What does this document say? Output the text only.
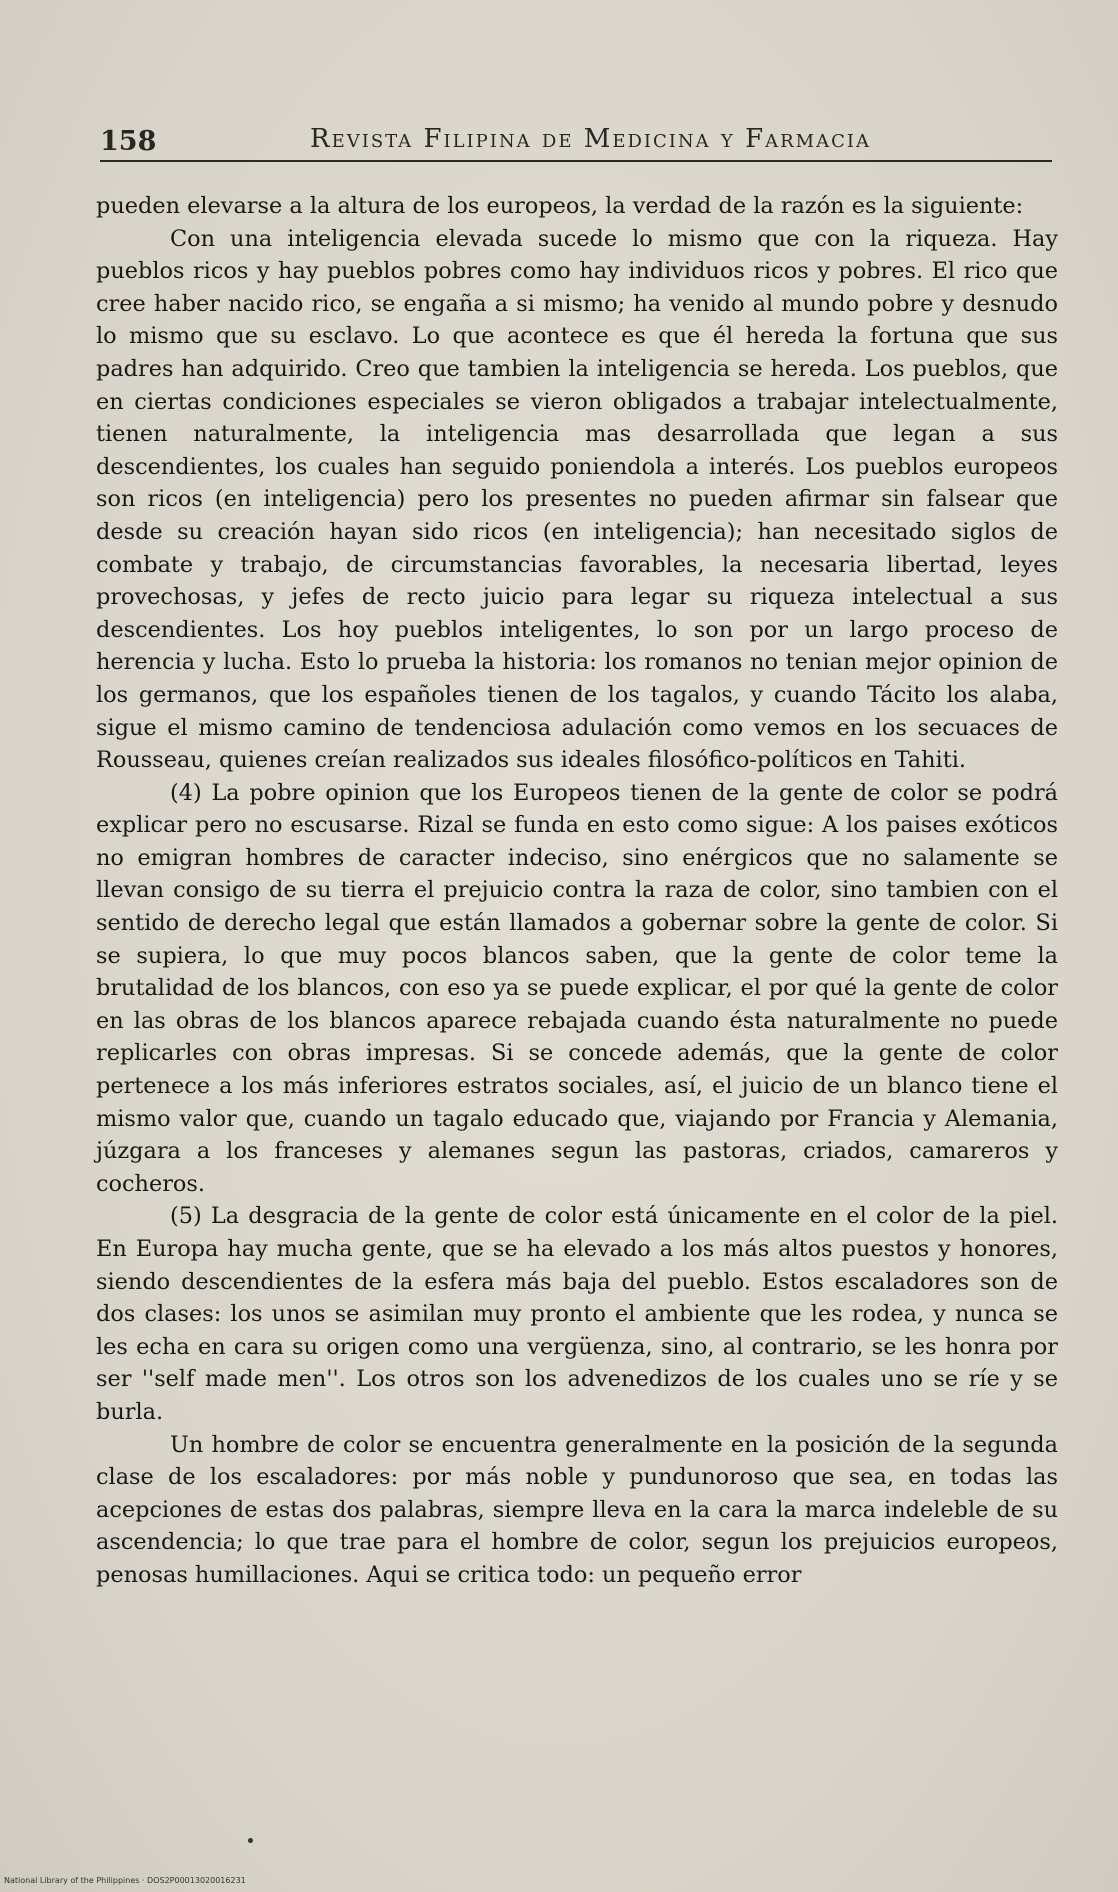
158	Revista Filipina de Medicina y Farmacia

pueden elevarse a la altura de los europeos, la verdad de la razón es la siguiente:

Con una inteligencia elevada sucede lo mismo que con la riqueza. Hay pueblos ricos y hay pueblos pobres como hay individuos ricos y pobres. El rico que cree haber nacido rico, se engaña a si mismo; ha venido al mundo pobre y desnudo lo mismo que su esclavo. Lo que acontece es que él hereda la fortuna que sus padres han adquirido. Creo que tambien la inteligencia se hereda. Los pueblos, que en ciertas condiciones especiales se vieron obligados a trabajar intelectualmente, tienen naturalmente, la inteligencia mas desarrollada que legan a sus descendientes, los cuales han seguido poniendola a interés. Los pueblos europeos son ricos (en inteligencia) pero los presentes no pueden afirmar sin falsear que desde su creación hayan sido ricos (en inteligencia); han necesitado siglos de combate y trabajo, de circumstancias favorables, la necesaria libertad, leyes provechosas, y jefes de recto juicio para legar su riqueza intelectual a sus descendientes. Los hoy pueblos inteligentes, lo son por un largo proceso de herencia y lucha. Esto lo prueba la historia: los romanos no tenian mejor opinion de los germanos, que los españoles tienen de los tagalos, y cuando Tácito los alaba, sigue el mismo camino de tendenciosa adulación como vemos en los secuaces de Rousseau, quienes creían realizados sus ideales filosófico-políticos en Tahiti.

(4) La pobre opinion que los Europeos tienen de la gente de color se podrá explicar pero no escusarse. Rizal se funda en esto como sigue: A los paises exóticos no emigran hombres de caracter indeciso, sino enérgicos que no salamente se llevan consigo de su tierra el prejuicio contra la raza de color, sino tambien con el sentido de derecho legal que están llamados a gobernar sobre la gente de color. Si se supiera, lo que muy pocos blancos saben, que la gente de color teme la brutalidad de los blancos, con eso ya se puede explicar, el por qué la gente de color en las obras de los blancos aparece rebajada cuando ésta naturalmente no puede replicarles con obras impresas. Si se concede además, que la gente de color pertenece a los más inferiores estratos sociales, así, el juicio de un blanco tiene el mismo valor que, cuando un tagalo educado que, viajando por Francia y Alemania, júzgara a los franceses y alemanes segun las pastoras, criados, camareros y cocheros.

(5) La desgracia de la gente de color está únicamente en el color de la piel. En Europa hay mucha gente, que se ha elevado a los más altos puestos y honores, siendo descendientes de la esfera más baja del pueblo. Estos escaladores son de dos clases: los unos se asimilan muy pronto el ambiente que les rodea, y nunca se les echa en cara su origen como una vergüenza, sino, al contrario, se les honra por ser ''self made men''. Los otros son los advenedizos de los cuales uno se ríe y se burla.

Un hombre de color se encuentra generalmente en la posición de la segunda clase de los escaladores: por más noble y pundunoroso que sea, en todas las acepciones de estas dos palabras, siempre lleva en la cara la marca indeleble de su ascendencia; lo que trae para el hombre de color, segun los prejuicios europeos, penosas humillaciones. Aqui se critica todo: un pequeño error

National Library of the Philippines · DOS2P00013020016231
